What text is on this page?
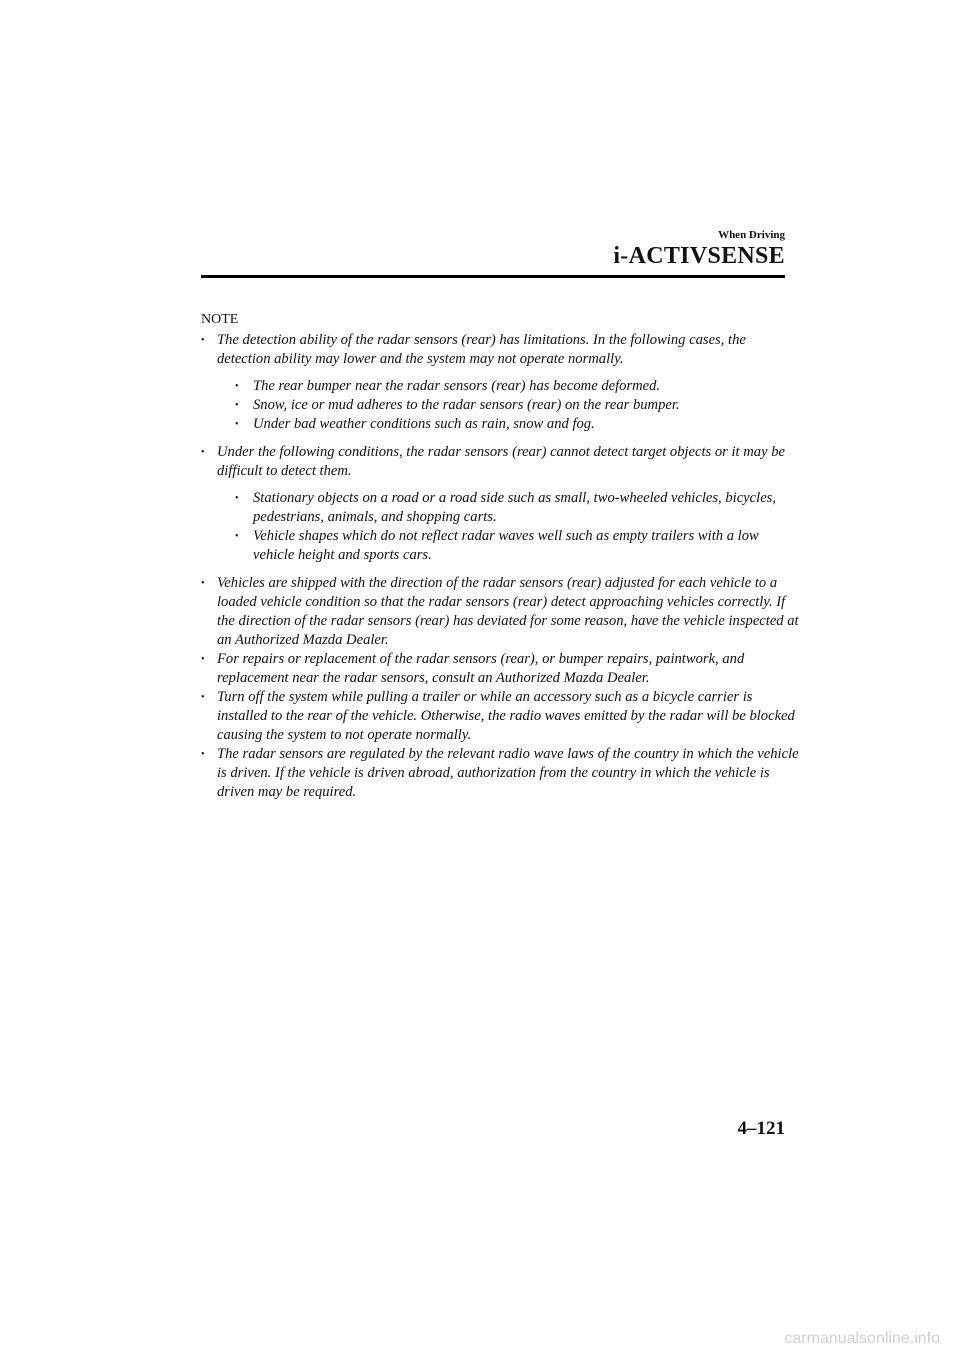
When Driving
i-ACTIVSENSE
NOTE
• The detection ability of the radar sensors (rear) has limitations. In the following cases, the detection ability may lower and the system may not operate normally.
• The rear bumper near the radar sensors (rear) has become deformed.
• Snow, ice or mud adheres to the radar sensors (rear) on the rear bumper.
• Under bad weather conditions such as rain, snow and fog.
• Under the following conditions, the radar sensors (rear) cannot detect target objects or it may be difficult to detect them.
• Stationary objects on a road or a road side such as small, two-wheeled vehicles, bicycles, pedestrians, animals, and shopping carts.
• Vehicle shapes which do not reflect radar waves well such as empty trailers with a low vehicle height and sports cars.
• Vehicles are shipped with the direction of the radar sensors (rear) adjusted for each vehicle to a loaded vehicle condition so that the radar sensors (rear) detect approaching vehicles correctly. If the direction of the radar sensors (rear) has deviated for some reason, have the vehicle inspected at an Authorized Mazda Dealer.
• For repairs or replacement of the radar sensors (rear), or bumper repairs, paintwork, and replacement near the radar sensors, consult an Authorized Mazda Dealer.
• Turn off the system while pulling a trailer or while an accessory such as a bicycle carrier is installed to the rear of the vehicle. Otherwise, the radio waves emitted by the radar will be blocked causing the system to not operate normally.
• The radar sensors are regulated by the relevant radio wave laws of the country in which the vehicle is driven. If the vehicle is driven abroad, authorization from the country in which the vehicle is driven may be required.
4–121
carmanualsonline.info
